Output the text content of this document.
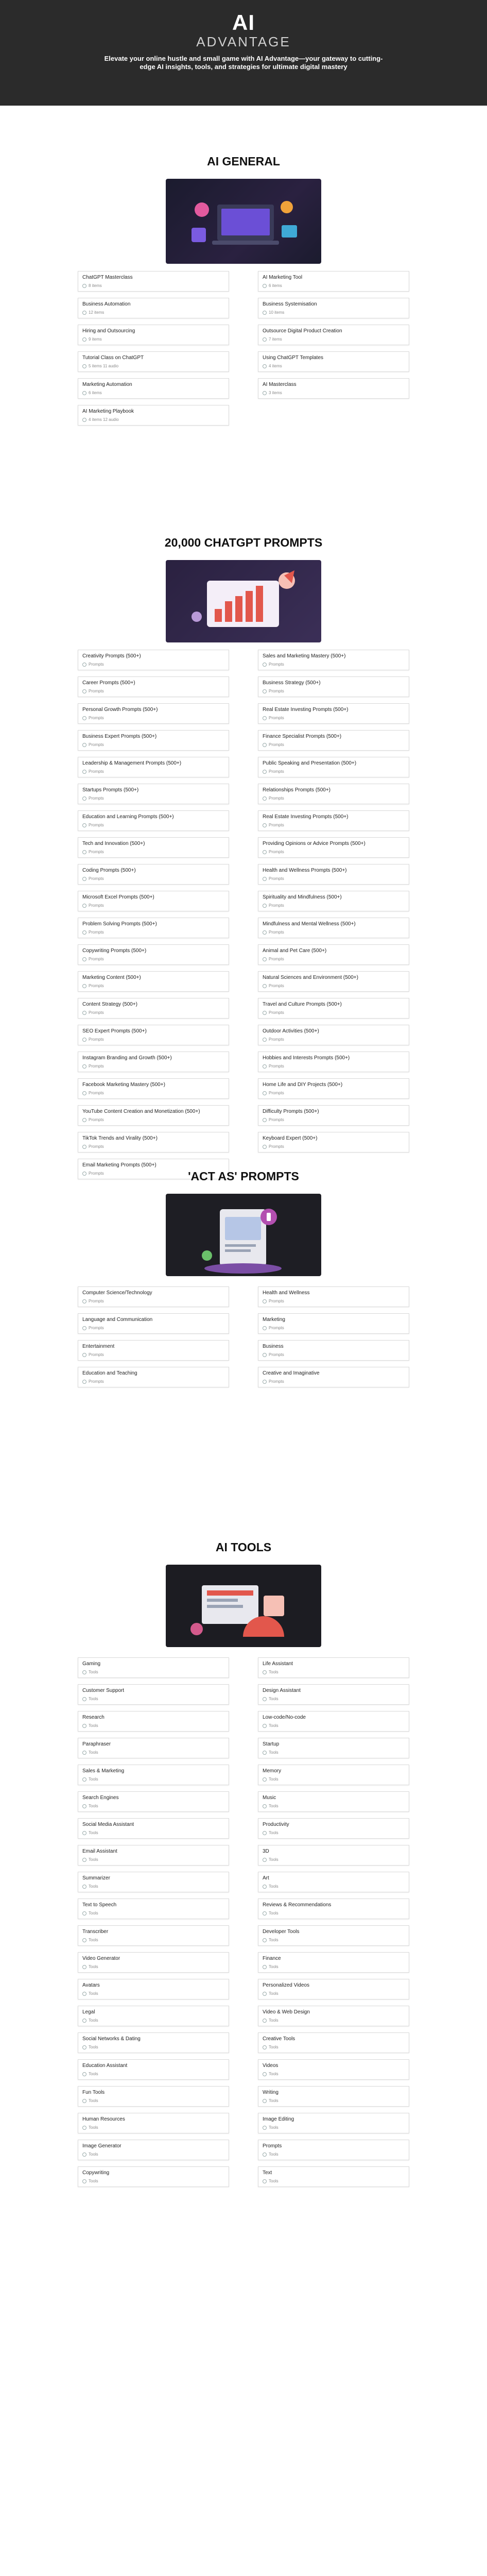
AI
ADVANTAGE
Elevate your online hustle and small game with AI Advantage—your gateway to cutting-edge AI insights, tools, and strategies for ultimate digital mastery
AI GENERAL
ChatGPT Masterclass
8 items
AI Marketing Tool
6 items
Business Automation
12 items
Business Systemisation
10 items
Hiring and Outsourcing
9 items
Outsource Digital Product Creation
7 items
Tutorial Class on ChatGPT
5 items 11 audio
Using ChatGPT Templates
4 items
Marketing Automation
6 items
AI Masterclass
3 items
AI Marketing Playbook
4 items 12 audio
20,000 CHATGPT PROMPTS
Creativity Prompts (500+)
Prompts
Sales and Marketing Mastery (500+)
Prompts
Career Prompts (500+)
Prompts
Business Strategy (500+)
Prompts
Personal Growth Prompts (500+)
Prompts
Real Estate Investing Prompts (500+)
Prompts
Business Expert Prompts (500+)
Prompts
Finance Specialist Prompts (500+)
Prompts
Leadership & Management Prompts (500+)
Prompts
Public Speaking and Presentation (500+)
Prompts
Startups Prompts (500+)
Prompts
Relationships Prompts (500+)
Prompts
Education and Learning Prompts (500+)
Prompts
Real Estate Investing Prompts (500+)
Prompts
Tech and Innovation (500+)
Prompts
Providing Opinions or Advice Prompts (500+)
Prompts
Coding Prompts (500+)
Prompts
Health and Wellness Prompts (500+)
Prompts
Microsoft Excel Prompts (500+)
Prompts
Spirituality and Mindfulness (500+)
Prompts
Problem Solving Prompts (500+)
Prompts
Mindfulness and Mental Wellness (500+)
Prompts
Copywriting Prompts (500+)
Prompts
Animal and Pet Care (500+)
Prompts
Marketing Content (500+)
Prompts
Natural Sciences and Environment (500+)
Prompts
Content Strategy (500+)
Prompts
Travel and Culture Prompts (500+)
Prompts
SEO Expert Prompts (500+)
Prompts
Outdoor Activities (500+)
Prompts
Instagram Branding and Growth (500+)
Prompts
Hobbies and Interests Prompts (500+)
Prompts
Facebook Marketing Mastery (500+)
Prompts
Home Life and DIY Projects (500+)
Prompts
YouTube Content Creation and Monetization (500+)
Prompts
Difficulty Prompts (500+)
Prompts
TikTok Trends and Virality (500+)
Prompts
Keyboard Expert (500+)
Prompts
Email Marketing Prompts (500+)
Prompts	'ACT AS' PROMPTS
Computer Science/Technology
Prompts
Health and Wellness
Prompts
Language and Communication
Prompts
Marketing
Prompts
Entertainment
Prompts
Business
Prompts
Education and Teaching
Prompts
Creative and Imaginative
Prompts
AI TOOLS
Gaming
Tools
Life Assistant
Tools
Customer Support
Tools
Design Assistant
Tools
Research
Tools
Low-code/No-code
Tools
Paraphraser
Tools
Startup
Tools
Sales & Marketing
Tools
Memory
Tools
Search Engines
Tools
Music
Tools
Social Media Assistant
Tools
Productivity
Tools
Email Assistant
Tools
3D
Tools
Summarizer
Tools
Art
Tools
Text to Speech
Tools
Reviews & Recommendations
Tools
Transcriber
Tools
Developer Tools
Tools
Video Generator
Tools
Finance
Tools
Avatars
Tools
Personalized Videos
Tools
Legal
Tools
Video & Web Design
Tools
Social Networks & Dating
Tools
Creative Tools
Tools
Education Assistant
Tools
Videos
Tools
Fun Tools
Tools
Writing
Tools
Human Resources
Tools
Image Editing
Tools
Image Generator
Tools
Prompts
Tools
Copywriting
Tools
Text
Tools
